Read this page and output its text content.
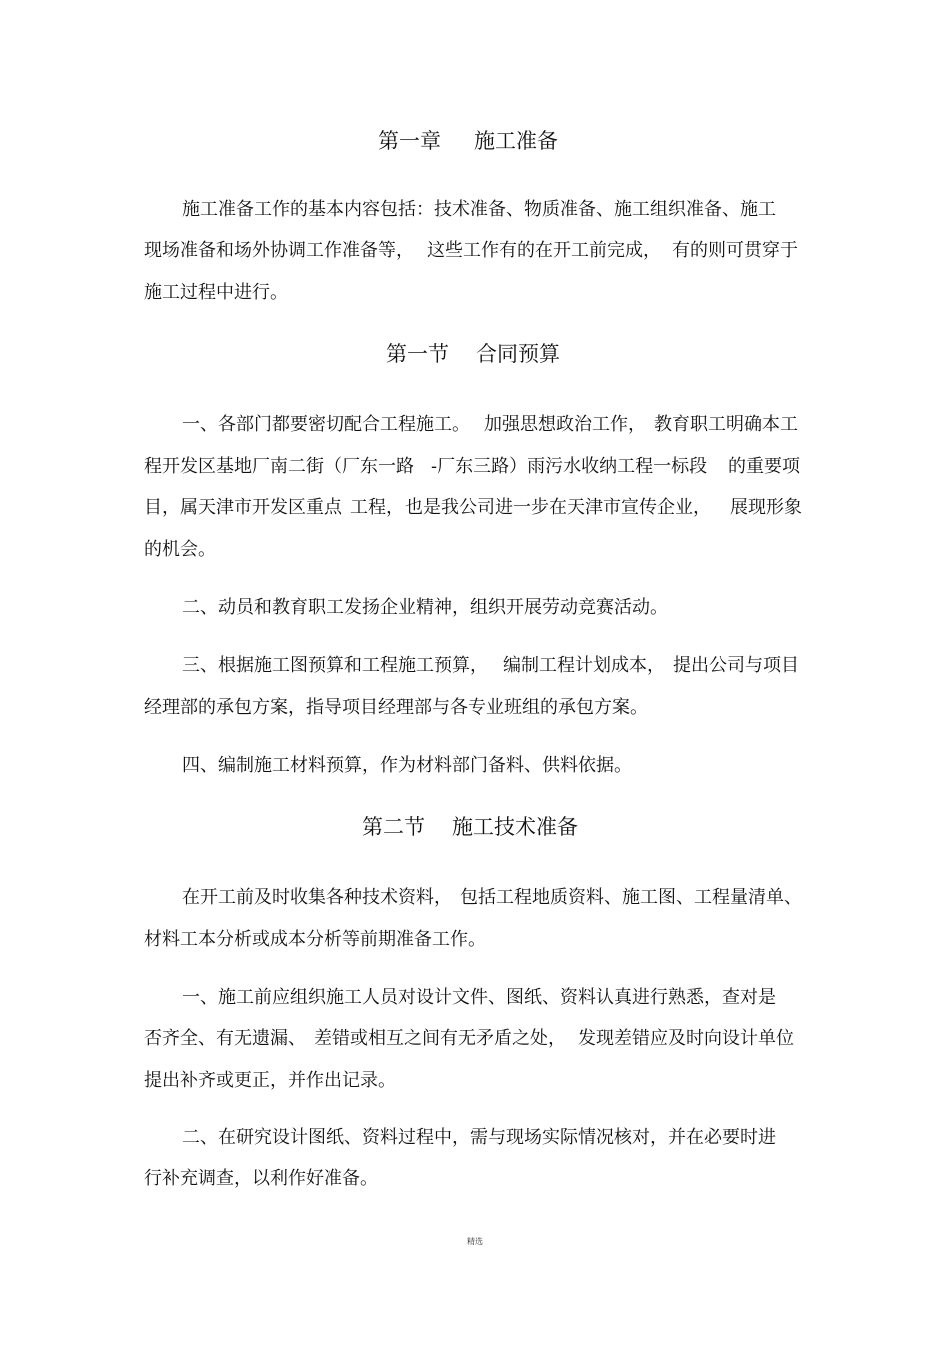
第一章 施工准备
施工准备工作的基本内容包括：技术准备、物质准备、施工组织准备、施工
现场准备和场外协调工作准备等， 这些工作有的在开工前完成， 有的则可贯穿于
施工过程中进行。
第一节 合同预算
一、各部门都要密切配合工程施工。 加强思想政治工作， 教育职工明确本工
程开发区基地厂南二街（厂东一路 -厂东三路）雨污水收纳工程一标段 的重要项
目，属天津市开发区重点 工程， 也是我公司进一步在天津市宣传企业， 展现形象
的机会。
二、动员和教育职工发扬企业精神，组织开展劳动竞赛活动。
三、根据施工图预算和工程施工预算， 编制工程计划成本， 提出公司与项目
经理部的承包方案，指导项目经理部与各专业班组的承包方案。
四、编制施工材料预算，作为材料部门备料、供料依据。
第二节 施工技术准备
在开工前及时收集各种技术资料， 包括工程地质资料、施工图、工程量清单、
材料工本分析或成本分析等前期准备工作。
一、施工前应组织施工人员对设计文件、图纸、资料认真进行熟悉，查对是
否齐全、有无遗漏、 差错或相互之间有无矛盾之处， 发现差错应及时向设计单位
提出补齐或更正，并作出记录。
二、在研究设计图纸、资料过程中，需与现场实际情况核对，并在必要时进
行补充调查，以利作好准备。
精选
